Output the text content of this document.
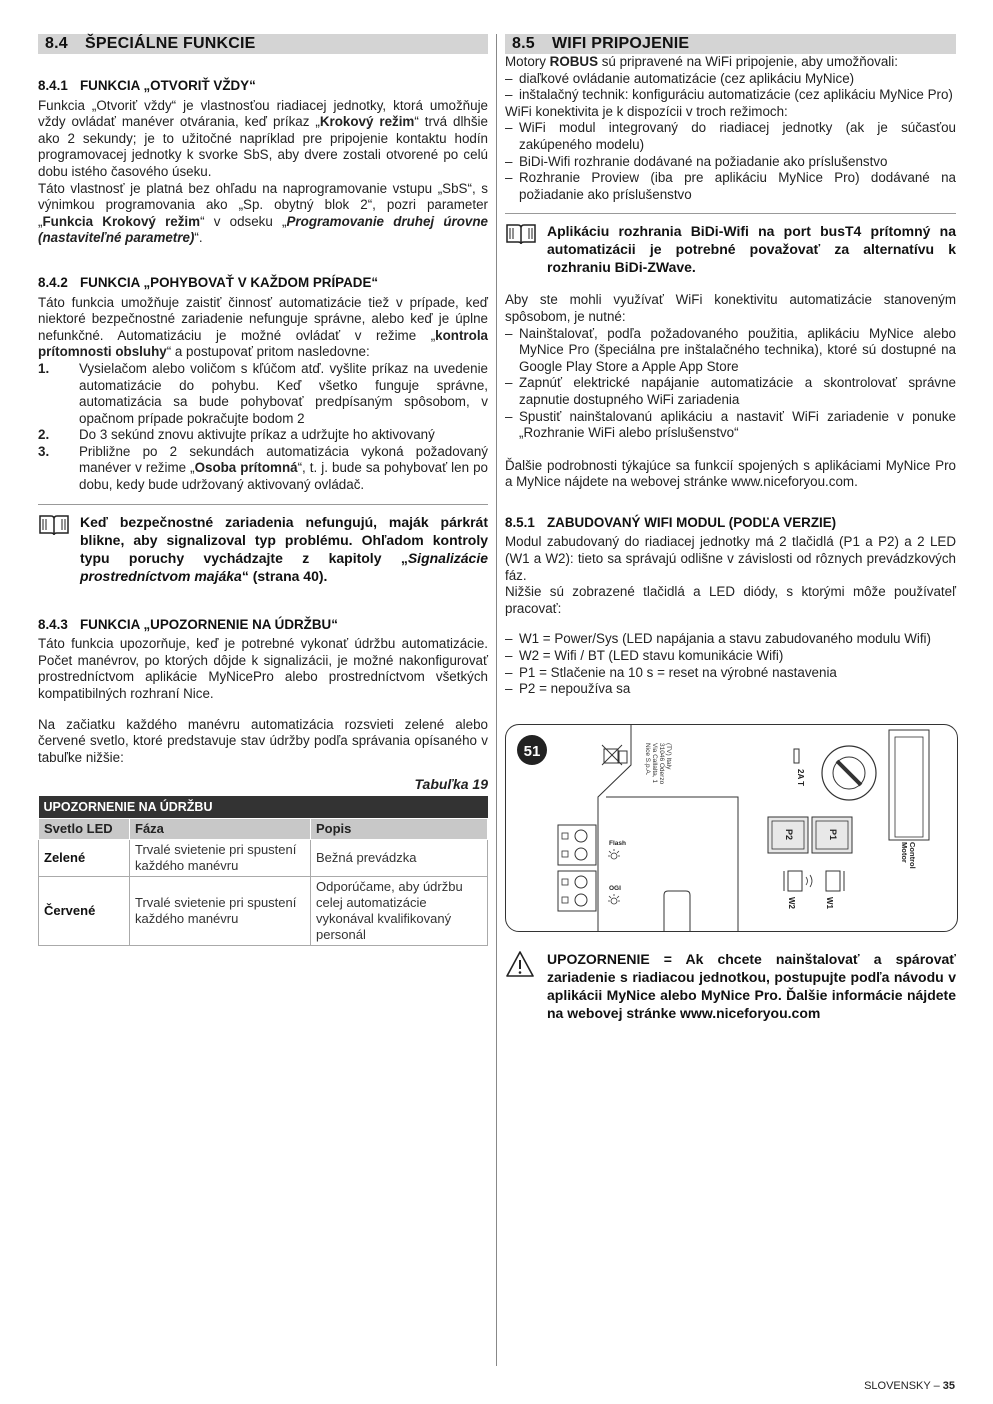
8.4 ŠPECIÁLNE FUNKCIE
8.4.1 FUNKCIA „OTVORIŤ VŽDY“

Funkcia „Otvoriť vždy“ je vlastnosťou riadiacej jednotky, ktorá umožňuje vždy ovládať manéver otvárania, keď príkaz „Krokový režim“ trvá dlhšie ako 2 sekundy; je to užitočné napríklad pre pripojenie kontaktu hodín programovacej jednotky k svorke SbS, aby dvere zostali otvorené po celú dobu istého časového úseku.

Táto vlastnosť je platná bez ohľadu na naprogramovanie vstupu „SbS“, s výnimkou programovania ako „Sp. obytný blok 2“, pozri parameter „Funkcia Krokový režim“ v odseku „Programovanie druhej úrovne (nastaviteľné parametre)“.

8.4.2 FUNKCIA „POHYBOVAŤ V KAŽDOM PRÍPADE“

Táto funkcia umožňuje zaistiť činnosť automatizácie tiež v prípade, keď niektoré bezpečnostné zariadenie nefunguje správne, alebo keď je úplne nefunkčné. Automatizáciu je možné ovládať v režime „kontrola prítomnosti obsluhy“ a postupovať pritom nasledovne:

1. Vysielačom alebo voličom s kľúčom atď. vyšlite príkaz na uvedenie automatizácie do pohybu. Keď všetko funguje správne, automatizácia sa bude pohybovať predpísaným spôsobom, v opačnom prípade pokračujte bodom 2
2. Do 3 sekúnd znovu aktivujte príkaz a udržujte ho aktivovaný
3. Približne po 2 sekundách automatizácia vykoná požadovaný manéver v režime „Osoba prítomná“, t. j. bude sa pohybovať len po dobu, kedy bude udržovaný aktivovaný ovládač.
Keď bezpečnostné zariadenia nefungujú, maják párkrát blikne, aby signalizoval typ problému. Ohľadom kontroly typu poruchy vychádzajte z kapitoly „Signalizácie prostredníctvom majáka“ (strana 40).
8.4.3 FUNKCIA „UPOZORNENIE NA ÚDRŽBU“

Táto funkcia upozorňuje, keď je potrebné vykonať údržbu automatizácie. Počet manévrov, po ktorých dôjde k signalizácii, je možné nakonfigurovať prostredníctvom aplikácie MyNicePro alebo prostredníctvom všetkých kompatibilných rozhraní Nice.

Na začiatku každého manévru automatizácia rozsvieti zelené alebo červené svetlo, ktoré predstavuje stav údržby podľa správania opísaného v tabuľke nižšie:

Tabuľka 19
UPOZORNENIE NA ÚDRŽBU		
Svetlo LED	Fáza	Popis
Zelené	Trvalé svietenie pri spustení každého manévru	Bežná prevádzka
Červené	Trvalé svietenie pri spustení každého manévru	Odporúčame, aby údržbu celej automatizácie vykonával kvalifikovaný personál
8.5 WIFI PRIPOJENIE

Motory ROBUS sú pripravené na WiFi pripojenie, aby umožňovali:

– diaľkové ovládanie automatizácie (cez aplikáciu MyNice)
– inštalačný technik: konfiguráciu automatizácie (cez aplikáciu MyNice Pro)

WiFi konektivita je k dispozícii v troch režimoch:

– WiFi modul integrovaný do riadiacej jednotky (ak je súčasťou zakúpeného modelu)
– BiDi-Wifi rozhranie dodávané na požiadanie ako príslušenstvo
– Rozhranie Proview (iba pre aplikáciu MyNice Pro) dodávané na požiadanie ako príslušenstvo
Aplikáciu rozhrania BiDi-Wifi na port busT4 prítomný na automatizácii je potrebné považovať za alternatívu k rozhraniu BiDi-ZWave.

Aby ste mohli využívať WiFi konektivitu automatizácie stanoveným spôsobom, je nutné:

– Nainštalovať, podľa požadovaného použitia, aplikáciu MyNice alebo MyNice Pro (špeciálna pre inštalačného technika), ktoré sú dostupné na Google Play Store a Apple App Store
– Zapnúť elektrické napájanie automatizácie a skontrolovať správne zapnutie dostupného WiFi zariadenia
– Spustiť nainštalovanú aplikáciu a nastaviť WiFi zariadenie v ponuke „Rozhranie WiFi alebo príslušenstvo“

Ďalšie podrobnosti týkajúce sa funkcií spojených s aplikáciami MyNice Pro a MyNice nájdete na webovej stránke www.niceforyou.com.

8.5.1 ZABUDOVANÝ WIFI MODUL (PODĽA VERZIE)

Modul zabudovaný do riadiacej jednotky má 2 tlačidlá (P1 a P2) a 2 LED (W1 a W2): tieto sa správajú odlišne v závislosti od rôznych prevádzkových fáz.

Nižšie sú zobrazené tlačidlá a LED diódy, s ktorými môže používateľ pracovať:

– W1 = Power/Sys (LED napájania a stavu zabudovaného modulu Wifi)
– W2 = Wifi / BT (LED stavu komunikácie Wifi)
– P1 = Stlačenie na 10 s = reset na výrobné nastavenia
– P2 = nepoužíva sa
51	Nice S.p.A. Via Callalta, 1 31046 Oderzo (TV) Italy
2A T
Motor Control
P2	P1
W2	W1
Flash
OGI
UPOZORNENIE = Ak chcete nainštalovať a spárovať zariadenie s riadiacou jednotkou, postupujte podľa návodu v aplikácii MyNice alebo MyNice Pro. Ďalšie informácie nájdete na webovej stránke www.niceforyou.com
SLOVENSKY – 35
